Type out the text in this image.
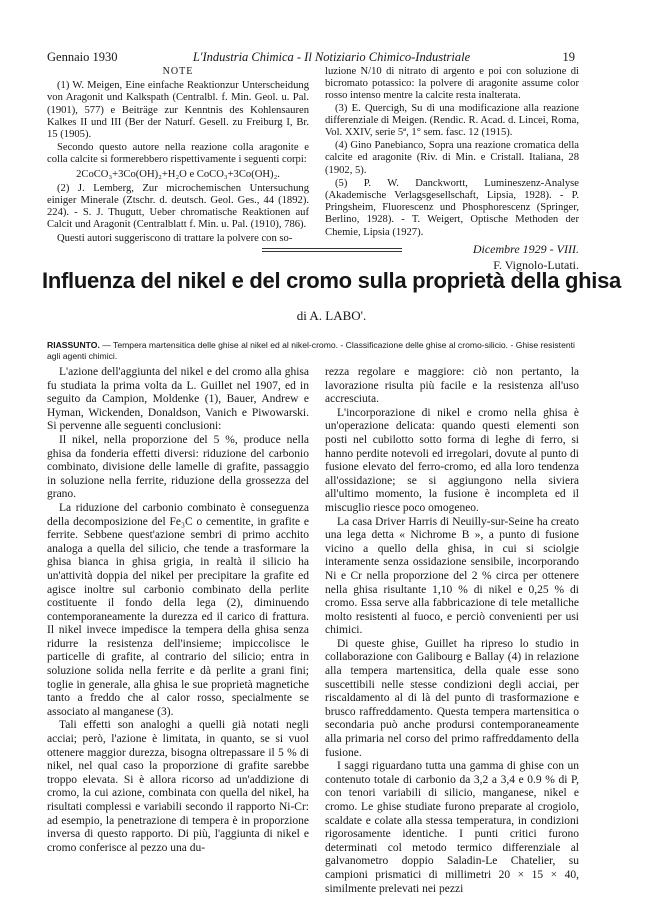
Gennaio 1930	L'Industria Chimica - Il Notiziario Chimico-Industriale	19
NOTE

(1) W. Meigen, Eine einfache Reaktionzur Unterscheidung von Aragonit und Kalkspath (Centralbl. f. Min. Geol. u. Pal. (1901), 577) e Beiträge zur Kenntnis des Kohlensauren Kalkes II und III (Ber der Naturf. Gesell. zu Freiburg I, Br. 15 (1905).

Secondo questo autore nella reazione colla aragonite e colla calcite si formerebbero rispettivamente i seguenti corpi:

2CoCO₃+3Co(OH)₂+H₂O e CoCO₃+3Co(OH)₂.

(2) J. Lemberg, Zur microchemischen Untersuchung einiger Minerale (Ztschr. d. deutsch. Geol. Ges., 44 (1892). 224). - S. J. Thugutt, Ueber chromatische Reaktionen auf Calcit und Aragonit (Centralblatt f. Min. u. Pal. (1910), 786).

Questi autori suggeriscono di trattare la polvere con so-

luzione N/10 di nitrato di argento e poi con soluzione di bicromato potassico: la polvere di aragonite assume color rosso intenso mentre la calcite resta inalterata.

(3) E. Quercigh, Su di una modificazione alla reazione differenziale di Meigen. (Rendic. R. Acad. d. Lincei, Roma, Vol. XXIV, serie 5ª, 1° sem. fasc. 12 (1915).

(4) Gino Panebianco, Sopra una reazione cromatica della calcite ed aragonite (Riv. di Min. e Cristall. Italiana, 28 (1902, 5).

(5) P. W. Danckwortt, Lumineszenz-Analyse (Akademische Verlagsgesellschaft, Lipsia, 1928). - P. Pringsheim, Fluorescenz und Phosphorescenz (Springer, Berlino, 1928). - T. Weigert, Optische Methoden der Chemie, Lipsia (1927).

Dicembre 1929 - VIII.
F. Vignolo-Lutati.
Influenza del nikel e del cromo sulla proprietà della ghisa
di A. LABO'.
RIASSUNTO. — Tempera martensitica delle ghise al nikel ed al nikel-cromo. - Classificazione delle ghise al cromo-silicio. - Ghise resistenti agli agenti chimici.

L'azione dell'aggiunta del nikel e del cromo alla ghisa fu studiata la prima volta da L. Guillet nel 1907, ed in seguito da Campion, Moldenke (1), Bauer, Andrew e Hyman, Wickenden, Donaldson, Vanich e Piwowarski. Si pervenne alle seguenti conclusioni:

Il nikel, nella proporzione del 5 %, produce nella ghisa da fonderia effetti diversi: riduzione del carbonio combinato, divisione delle lamelle di grafite, passaggio in soluzione nella ferrite, riduzione della grossezza del grano.

La riduzione del carbonio combinato è conseguenza della decomposizione del Fe₃C o cementite, in grafite e ferrite. Sebbene quest'azione sembri di primo acchito analoga a quella del silicio, che tende a trasformare la ghisa bianca in ghisa grigia, in realtà il silicio ha un'attività doppia del nikel per precipitare la grafite ed agisce inoltre sul carbonio combinato della perlite costituente il fondo della lega (2), diminuendo contemporaneamente la durezza ed il carico di frattura. Il nikel invece impedisce la tempera della ghisa senza ridurre la resistenza dell'insieme; impiccolisce le particelle di grafite, al contrario del silicio; entra in soluzione solida nella ferrite e dà perlite a grani fini; toglie in generale, alla ghisa le sue proprietà magnetiche tanto a freddo che al calor rosso, specialmente se associato al manganese (3).

Tali effetti son analoghi a quelli già notati negli acciai; però, l'azione è limitata, in quanto, se si vuol ottenere maggior durezza, bisogna oltrepassare il 5 % di nikel, nel qual caso la proporzione di grafite sarebbe troppo elevata. Si è allora ricorso ad un'addizione di cromo, la cui azione, combinata con quella del nikel, ha risultati complessi e variabili secondo il rapporto Ni-Cr: ad esempio, la penetrazione di tempera è in proporzione inversa di questo rapporto. Di più, l'aggiunta di nikel e cromo conferisce al pezzo una du-

rezza regolare e maggiore: ciò non pertanto, la lavorazione risulta più facile e la resistenza all'uso accresciuta.

L'incorporazione di nikel e cromo nella ghisa è un'operazione delicata: quando questi elementi son posti nel cubilotto sotto forma di leghe di ferro, si hanno perdite notevoli ed irregolari, dovute al punto di fusione elevato del ferro-cromo, ed alla loro tendenza all'ossidazione; se si aggiungono nella siviera all'ultimo momento, la fusione è incompleta ed il miscuglio riesce poco omogeneo.

La casa Driver Harris di Neuilly-sur-Seine ha creato una lega detta « Nichrome B », a punto di fusione vicino a quello della ghisa, in cui si sciolgie interamente senza ossidazione sensibile, incorporando Ni e Cr nella proporzione del 2 % circa per ottenere nella ghisa risultante 1,10 % di nikel e 0,25 % di cromo. Essa serve alla fabbricazione di tele metalliche molto resistenti al fuoco, e perciò convenienti per usi chimici.

Di queste ghise, Guillet ha ripreso lo studio in collaborazione con Galibourg e Ballay (4) in relazione alla tempera martensitica, della quale esse sono suscettibili nelle stesse condizioni degli acciai, per riscaldamento al di là del punto di trasformazione e brusco raffreddamento. Questa tempera martensitica o secondaria può anche prodursi contemporaneamente alla primaria nel corso del primo raffreddamento della fusione.

I saggi riguardano tutta una gamma di ghise con un contenuto totale di carbonio da 3,2 a 3,4 e 0.9 % di P, con tenori variabili di silicio, manganese, nikel e cromo. Le ghise studiate furono preparate al crogiolo, scaldate e colate alla stessa temperatura, in condizioni rigorosamente identiche. I punti critici furono determinati col metodo termico differenziale al galvanometro doppio Saladin-Le Chatelier, su campioni prismatici di millimetri 20 × 15 × 40, similmente prelevati nei pezzi
